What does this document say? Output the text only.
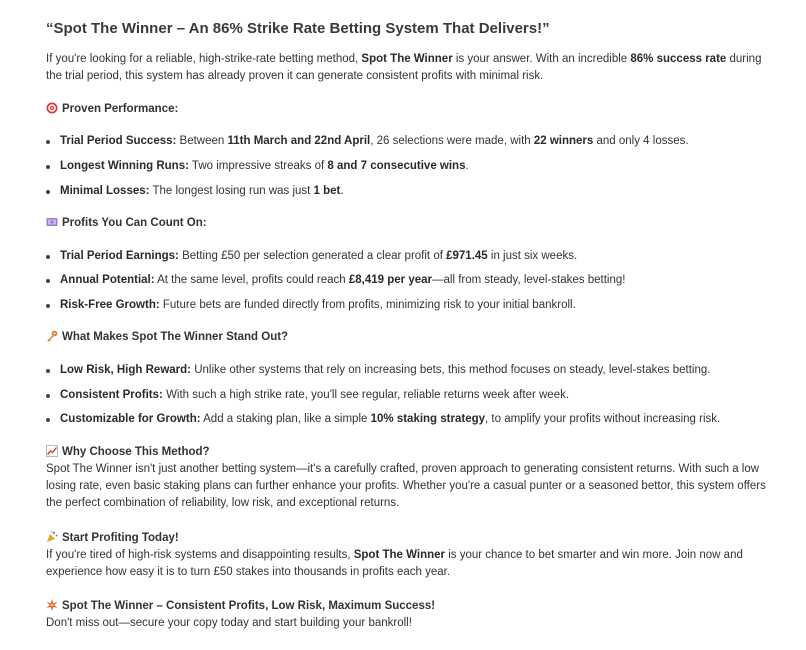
“Spot The Winner – An 86% Strike Rate Betting System That Delivers!”

If you're looking for a reliable, high-strike-rate betting method, Spot The Winner is your answer. With an incredible 86% success rate during the trial period, this system has already proven it can generate consistent profits with minimal risk.

Proven Performance:

Trial Period Success: Between 11th March and 22nd April, 26 selections were made, with 22 winners and only 4 losses.

Longest Winning Runs: Two impressive streaks of 8 and 7 consecutive wins.

Minimal Losses: The longest losing run was just 1 bet.

Profits You Can Count On:

Trial Period Earnings: Betting £50 per selection generated a clear profit of £971.45 in just six weeks.

Annual Potential: At the same level, profits could reach £8,419 per year—all from steady, level-stakes betting!

Risk-Free Growth: Future bets are funded directly from profits, minimizing risk to your initial bankroll.

What Makes Spot The Winner Stand Out?

Low Risk, High Reward: Unlike other systems that rely on increasing bets, this method focuses on steady, level-stakes betting.

Consistent Profits: With such a high strike rate, you'll see regular, reliable returns week after week.

Customizable for Growth: Add a staking plan, like a simple 10% staking strategy, to amplify your profits without increasing risk.

Why Choose This Method?

Spot The Winner isn't just another betting system—it's a carefully crafted, proven approach to generating consistent returns. With such a low losing rate, even basic staking plans can further enhance your profits. Whether you're a casual punter or a seasoned bettor, this system offers the perfect combination of reliability, low risk, and exceptional returns.

Start Profiting Today!

If you're tired of high-risk systems and disappointing results, Spot The Winner is your chance to bet smarter and win more. Join now and experience how easy it is to turn £50 stakes into thousands in profits each year.

Spot The Winner – Consistent Profits, Low Risk, Maximum Success!

Don't miss out—secure your copy today and start building your bankroll!
